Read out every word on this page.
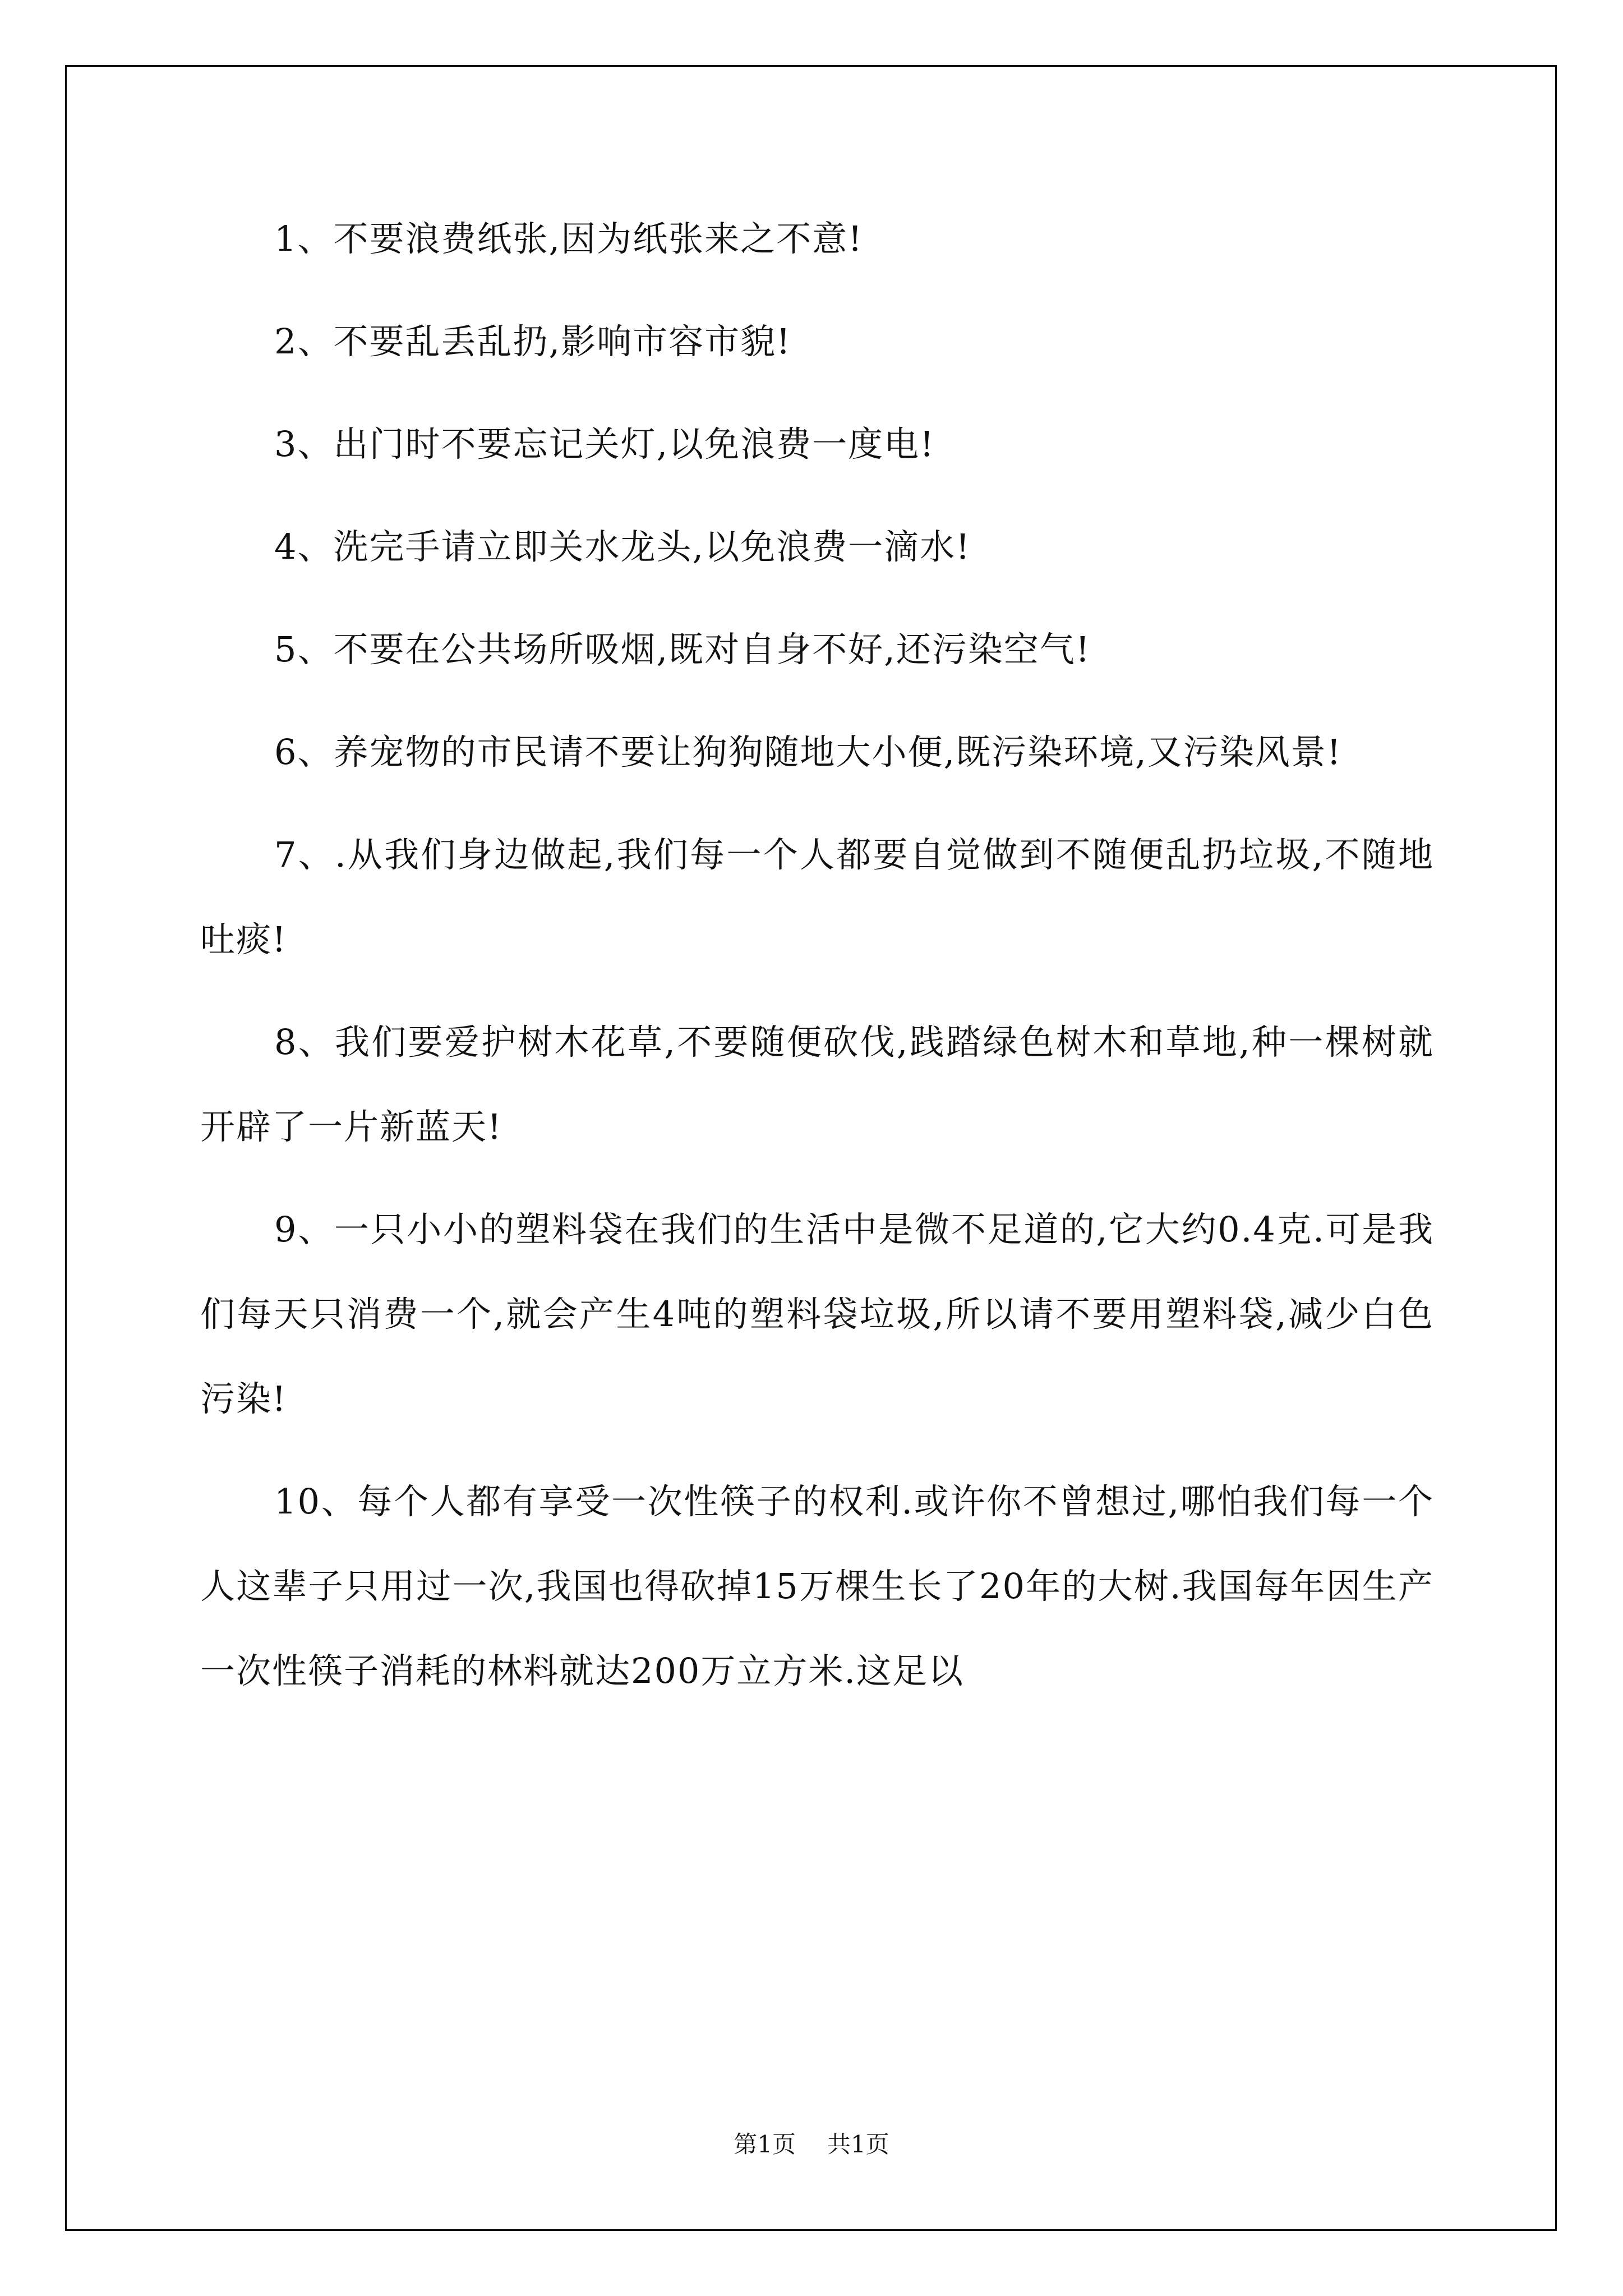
1、不要浪费纸张,因为纸张来之不意!

2、不要乱丢乱扔,影响市容市貌!

3、出门时不要忘记关灯,以免浪费一度电!

4、洗完手请立即关水龙头,以免浪费一滴水!

5、不要在公共场所吸烟,既对自身不好,还污染空气!

6、养宠物的市民请不要让狗狗随地大小便,既污染环境,又污染风景!

7、.从我们身边做起,我们每一个人都要自觉做到不随便乱扔垃圾,不随地吐痰!

8、我们要爱护树木花草,不要随便砍伐,践踏绿色树木和草地,种一棵树就开辟了一片新蓝天!

9、一只小小的塑料袋在我们的生活中是微不足道的,它大约0.4克.可是我们每天只消费一个,就会产生4吨的塑料袋垃圾,所以请不要用塑料袋,减少白色污染!

10、每个人都有享受一次性筷子的权利.或许你不曾想过,哪怕我们每一个人这辈子只用过一次,我国也得砍掉15万棵生长了20年的大树.我国每年因生产一次性筷子消耗的林料就达200万立方米.这足以

第1页 共1页
